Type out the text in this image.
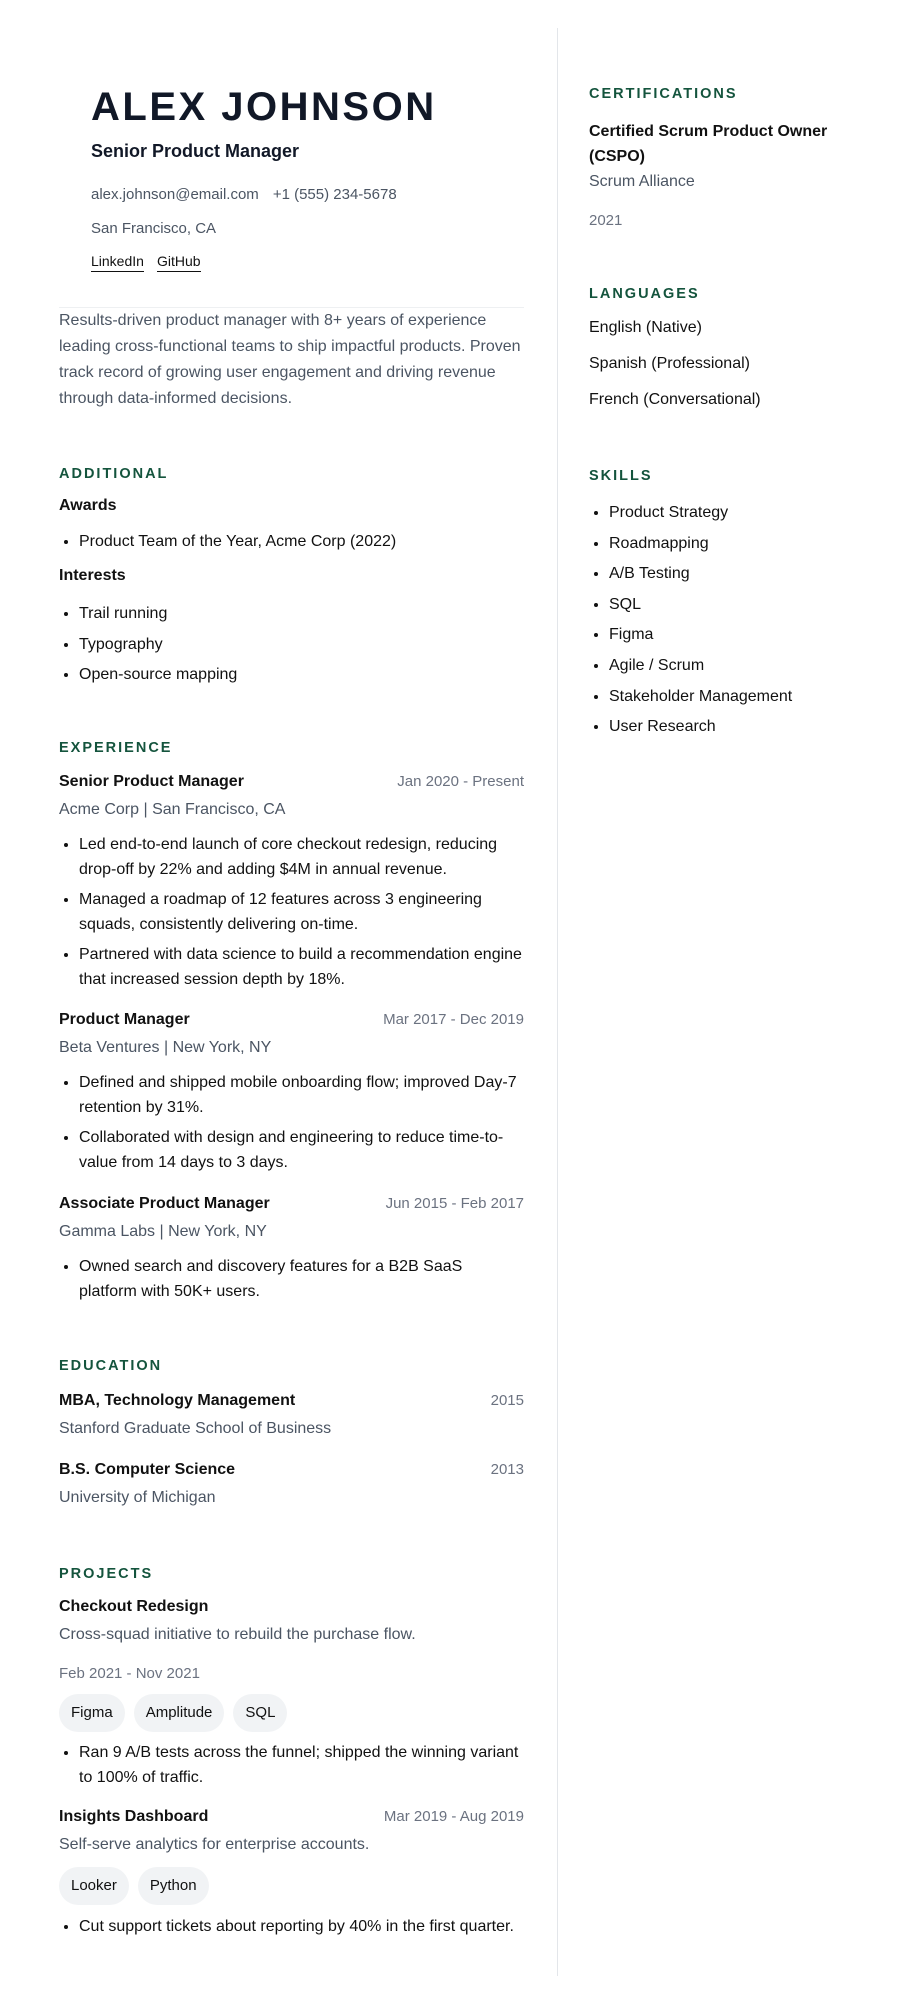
ALEX JOHNSON
Senior Product Manager
alex.johnson@email.com +1 (555) 234-5678
San Francisco, CA
LinkedIn GitHub

Results-driven product manager with 8+ years of experience leading cross-functional teams to ship impactful products. Proven track record of growing user engagement and driving revenue through data-informed decisions.

ADDITIONAL
Awards
• Product Team of the Year, Acme Corp (2022)
Interests
• Trail running
• Typography
• Open-source mapping
EXPERIENCE
Senior Product Manager	Jan 2020 - Present
Acme Corp | San Francisco, CA
• Led end-to-end launch of core checkout redesign, reducing drop-off by 22% and adding $4M in annual revenue.
• Managed a roadmap of 12 features across 3 engineering squads, consistently delivering on-time.
• Partnered with data science to build a recommendation engine that increased session depth by 18%.
Product Manager	Mar 2017 - Dec 2019
Beta Ventures | New York, NY
• Defined and shipped mobile onboarding flow; improved Day-7 retention by 31%.
• Collaborated with design and engineering to reduce time-to-value from 14 days to 3 days.
Associate Product Manager	Jun 2015 - Feb 2017
Gamma Labs | New York, NY
• Owned search and discovery features for a B2B SaaS platform with 50K+ users.
EDUCATION
MBA, Technology Management	2015
Stanford Graduate School of Business
B.S. Computer Science	2013
University of Michigan
PROJECTS
Checkout Redesign
Cross-squad initiative to rebuild the purchase flow.
Feb 2021 - Nov 2021
Figma Amplitude SQL
• Ran 9 A/B tests across the funnel; shipped the winning variant to 100% of traffic.
Insights Dashboard	Mar 2019 - Aug 2019
Self-serve analytics for enterprise accounts.
Looker Python
• Cut support tickets about reporting by 40% in the first quarter.
CERTIFICATIONS

Certified Scrum Product Owner (CSPO)

Scrum Alliance
2021
LANGUAGES
English (Native)
Spanish (Professional)
French (Conversational)
SKILLS
• Product Strategy
• Roadmapping
• A/B Testing
• SQL
• Figma
• Agile / Scrum
• Stakeholder Management
• User Research
